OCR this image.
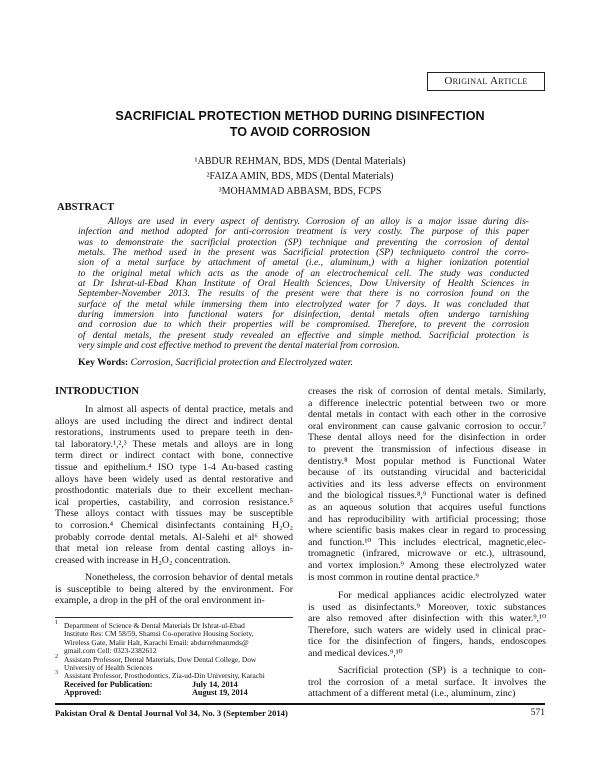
Original Article
SACRIFICIAL PROTECTION METHOD DURING DISINFECTION
TO AVOID CORROSION
¹ABDUR REHMAN, BDS, MDS (Dental Materials)
²FAIZA AMIN, BDS, MDS (Dental Materials)
³MOHAMMAD ABBASM, BDS, FCPS
ABSTRACT
Alloys are used in every aspect of dentistry. Corrosion of an alloy is a major issue during dis-
infection and method adopted for anti-corrosion treatment is very costly. The purpose of this paper
was to demonstrate the sacrificial protection (SP) technique and preventing the corrosion of dental
metals. The method used in the present was Sacrificial protection (SP) techniqueto control the corro-
sion of a metal surface by attachment of ametal (i.e., aluminum,) with a higher ionization potential
to the original metal which acts as the anode of an electrochemical cell. The study was conducted
at Dr Ishrat-ul-Ebad Khan Institute of Oral Health Sciences, Dow University of Health Sciences in
September-November 2013. The results of the present were that there is no corrosion found on the
surface of the metal while immersing them into electrolyzed water for 7 days. It was concluded that
during immersion into functional waters for disinfection, dental metals often undergo tarnishing
and corrosion due to which their properties will be compromised. Therefore, to prevent the corrosion
of dental metals, the present study revealed an effective and simple method. Sacrificial protection is
very simple and cost effective method to prevent the dental material from corrosion.
Key Words: Corrosion, Sacrificial protection and Electrolyzed water.
INTRODUCTION
In almost all aspects of dental practice, metals and
alloys are used including the direct and indirect dental
restorations, instruments used to prepare teeth in den-
tal laboratory.¹,²,³ These metals and alloys are in long
term direct or indirect contact with bone, connective
tissue and epithelium.⁴ ISO type 1-4 Au-based casting
alloys have been widely used as dental restorative and
prosthodontic materials due to their excellent mechan-
ical properties, castability, and corrosion resistance.⁵
These alloys contact with tissues may be susceptible
to corrosion.⁴ Chemical disinfectants containing H₂O₂
probably corrode dental metals. Al-Salehi et al⁶ showed
that metal ion release from dental casting alloys in-
creased with increase in H₂O₂ concentration.
Nonetheless, the corrosion behavior of dental metals
is susceptible to being altered by the environment. For
example, a drop in the pH of the oral environment in-
creases the risk of corrosion of dental metals. Similarly,
a difference inelectric potential between two or more
dental metals in contact with each other in the corrosive
oral environment can cause galvanic corrosion to occur.⁷
These dental alloys need for the disinfection in order
to prevent the transmission of infectious disease in
dentistry.⁸ Most popular method is Functional Water
because of its outstanding virucidal and bactericidal
activities and its less adverse effects on environment
and the biological tissues.⁸,⁹ Functional water is defined
as an aqueous solution that acquires useful functions
and has reproducibility with artificial processing; those
where scientific basis makes clear in regard to processing
and function.¹⁰ This includes electrical, magnetic,elec-
tromagnetic (infrared, microwave or etc.), ultrasound,
and vortex implosion.⁹ Among these electrolyzed water
is most common in routine dental practice.⁹
For medical appliances acidic electrolyzed water
is used as disinfectants.⁹ Moreover, toxic substances
are also removed after disinfection with this water.⁹,¹⁰
Therefore, such waters are widely used in clinical prac-
tice for the disinfection of fingers, hands, endoscopes
and medical devices.⁹,¹⁰
Sacrificial protection (SP) is a technique to con-
trol the corrosion of a metal surface. It involves the
attachment of a different metal (i.e., aluminum, zinc)
1 Department of Science & Dental Materials Dr Ishrat-ul-Ebad
Institute Res: CM 58/59, Shamsi Co-operative Housing Society,
Wireless Gate, Malir Halt, Karachi Email: abdurrehmanmds@
gmail.com Cell: 0323-2382612
2 Assistatn Professor, Dental Materials, Dow Dental College, Dow
University of Health Sciences
3 Assistant Professor, Prosthodontics, Zia-ud-Din University, Karachi
Received for Publication:	July 14, 2014
Approved:	August 19, 2014
Pakistan Oral & Dental Journal Vol 34, No. 3 (September 2014)	571
